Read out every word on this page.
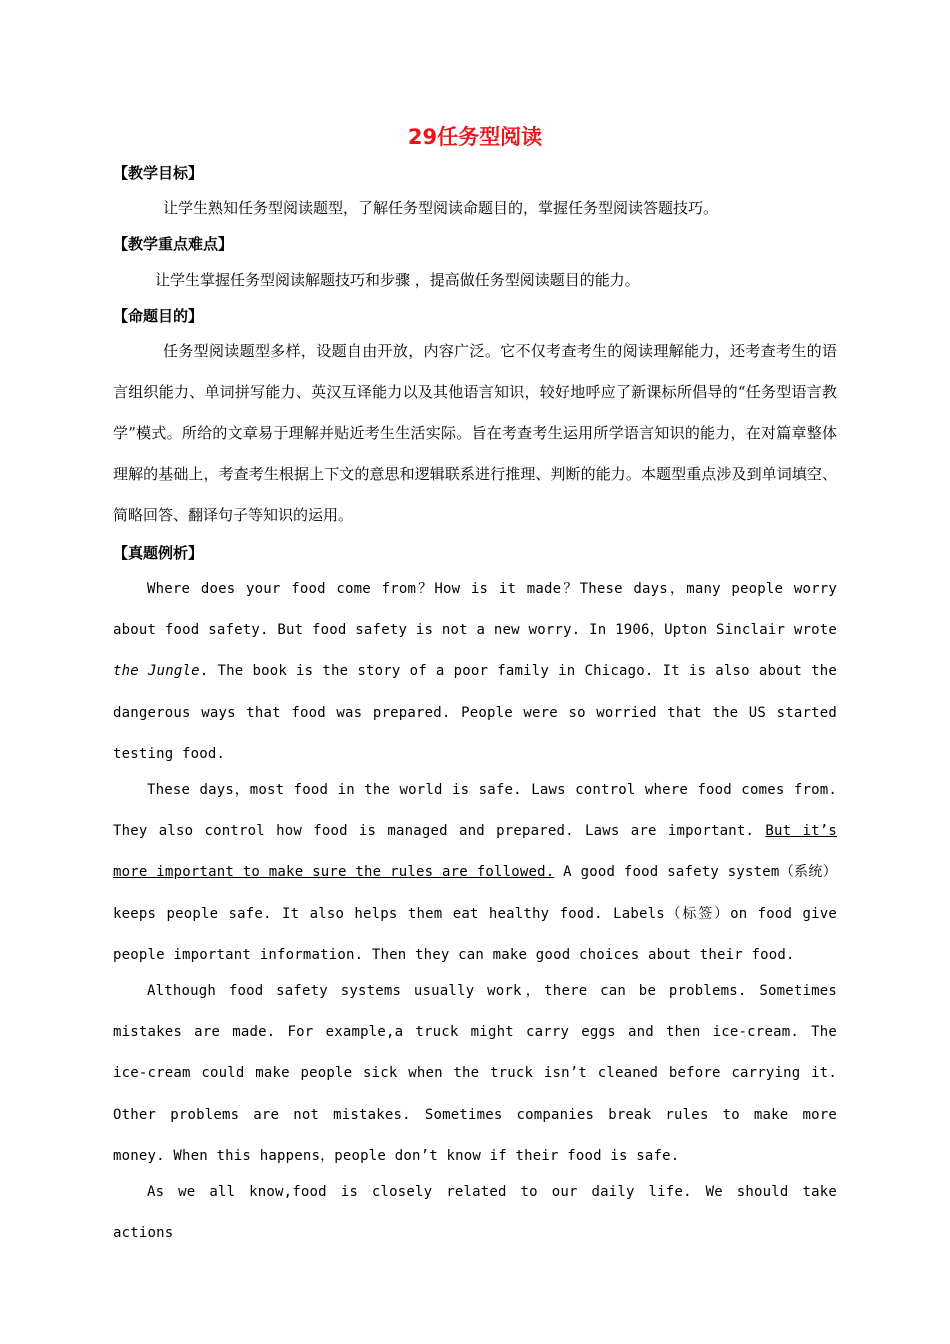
29任务型阅读
【教学目标】

让学生熟知任务型阅读题型，了解任务型阅读命题目的，掌握任务型阅读答题技巧。

【教学重点难点】

让学生掌握任务型阅读解题技巧和步骤 ，提高做任务型阅读题目的能力。

【命题目的】

任务型阅读题型多样，设题自由开放，内容广泛。它不仅考查考生的阅读理解能力，还考查考生的语言组织能力、单词拼写能力、英汉互译能力以及其他语言知识，较好地呼应了新课标所倡导的“任务型语言教学”模式。所给的文章易于理解并贴近考生生活实际。旨在考查考生运用所学语言知识的能力，在对篇章整体理解的基础上，考查考生根据上下文的意思和逻辑联系进行推理、判断的能力。本题型重点涉及到单词填空、简略回答、翻译句子等知识的运用。

【真题例析】

Where does your food come from？How is it made？These days，many people worry about food safety. But food safety is not a new worry. In 1906，Upton Sinclair wrote the Jungle. The book is the story of a poor family in Chicago. It is also about the dangerous ways that food was prepared. People were so worried that the US started testing food.

These days，most food in the world is safe. Laws control where food comes from. They also control how food is managed and prepared. Laws are important. But it’s more important to make sure the rules are followed. A good food safety system（系统）keeps people safe. It also helps them eat healthy food. Labels（标签）on food give people important information. Then they can make good choices about their food.

Although food safety systems usually work，there can be problems. Sometimes mistakes are made. For example,a truck might carry eggs and then ice-cream. The ice-cream could make people sick when the truck isn’t cleaned before carrying it. Other problems are not mistakes. Sometimes companies break rules to make more money. When this happens，people don’t know if their food is safe.

As we all know,food is closely related to our daily life. We should take actions
